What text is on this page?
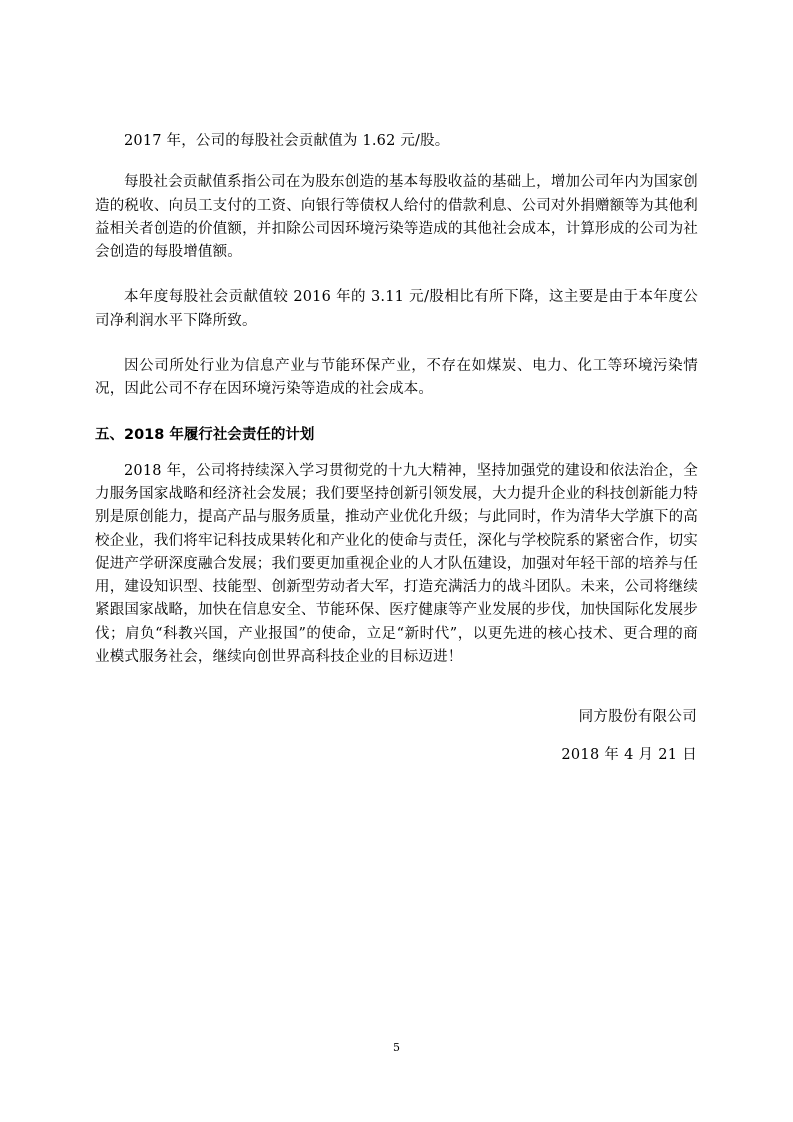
2017 年，公司的每股社会贡献值为 1.62 元/股。

每股社会贡献值系指公司在为股东创造的基本每股收益的基础上，增加公司年内为国家创造的税收、向员工支付的工资、向银行等债权人给付的借款利息、公司对外捐赠额等为其他利益相关者创造的价值额，并扣除公司因环境污染等造成的其他社会成本，计算形成的公司为社会创造的每股增值额。

本年度每股社会贡献值较 2016 年的 3.11 元/股相比有所下降，这主要是由于本年度公司净利润水平下降所致。

因公司所处行业为信息产业与节能环保产业，不存在如煤炭、电力、化工等环境污染情况，因此公司不存在因环境污染等造成的社会成本。

五、2018 年履行社会责任的计划

2018 年，公司将持续深入学习贯彻党的十九大精神，坚持加强党的建设和依法治企，全力服务国家战略和经济社会发展；我们要坚持创新引领发展，大力提升企业的科技创新能力特别是原创能力，提高产品与服务质量，推动产业优化升级；与此同时，作为清华大学旗下的高校企业，我们将牢记科技成果转化和产业化的使命与责任，深化与学校院系的紧密合作，切实促进产学研深度融合发展；我们要更加重视企业的人才队伍建设，加强对年轻干部的培养与任用，建设知识型、技能型、创新型劳动者大军，打造充满活力的战斗团队。未来，公司将继续紧跟国家战略，加快在信息安全、节能环保、医疗健康等产业发展的步伐，加快国际化发展步伐；肩负“科教兴国，产业报国”的使命，立足“新时代”，以更先进的核心技术、更合理的商业模式服务社会，继续向创世界高科技企业的目标迈进！

同方股份有限公司
2018 年 4 月 21 日
5
